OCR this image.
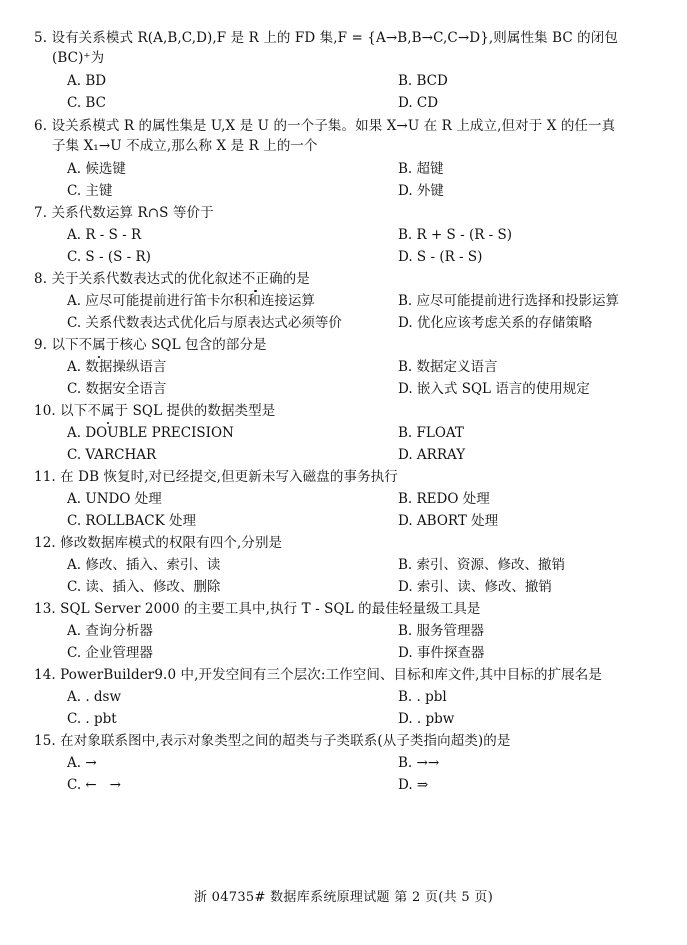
5. 设有关系模式 R(A,B,C,D),F 是 R 上的 FD 集,F = {A→B,B→C,C→D},则属性集 BC 的闭包
(BC)⁺为
A. BD	B. BCD
C. BC	D. CD
6. 设关系模式 R 的属性集是 U,X 是 U 的一个子集。如果 X→U 在 R 上成立,但对于 X 的任一真
子集 X₁→U 不成立,那么称 X 是 R 上的一个
A. 候选键	B. 超键
C. 主键	D. 外键
7. 关系代数运算 R∩S 等价于
A. R - S - R	B. R + S - (R - S)
C. S - (S - R)	D. S - (R - S)
8. 关于关系代数表达式的优化叙述不正确的是
A. 应尽可能提前进行笛卡尔积和连接运算	B. 应尽可能提前进行选择和投影运算
C. 关系代数表达式优化后与原表达式必须等价	D. 优化应该考虑关系的存储策略
9. 以下不属于核心 SQL 包含的部分是
A. 数据操纵语言	B. 数据定义语言
C. 数据安全语言	D. 嵌入式 SQL 语言的使用规定
10. 以下不属于 SQL 提供的数据类型是
A. DOUBLE PRECISION	B. FLOAT
C. VARCHAR	D. ARRAY
11. 在 DB 恢复时,对已经提交,但更新未写入磁盘的事务执行
A. UNDO 处理	B. REDO 处理
C. ROLLBACK 处理	D. ABORT 处理
12. 修改数据库模式的权限有四个,分别是
A. 修改、插入、索引、读	B. 索引、资源、修改、撤销
C. 读、插入、修改、删除	D. 索引、读、修改、撤销
13. SQL Server 2000 的主要工具中,执行 T - SQL 的最佳轻量级工具是
A. 查询分析器	B. 服务管理器
C. 企业管理器	D. 事件探查器
14. PowerBuilder9.0 中,开发空间有三个层次:工作空间、目标和库文件,其中目标的扩展名是
A. . dsw	B. . pbl
C. . pbt	D. . pbw
15. 在对象联系图中,表示对象类型之间的超类与子类联系(从子类指向超类)的是
A. →	B. →→
C. ←   →	D. ⇒
浙 04735# 数据库系统原理试题 第 2 页(共 5 页)
